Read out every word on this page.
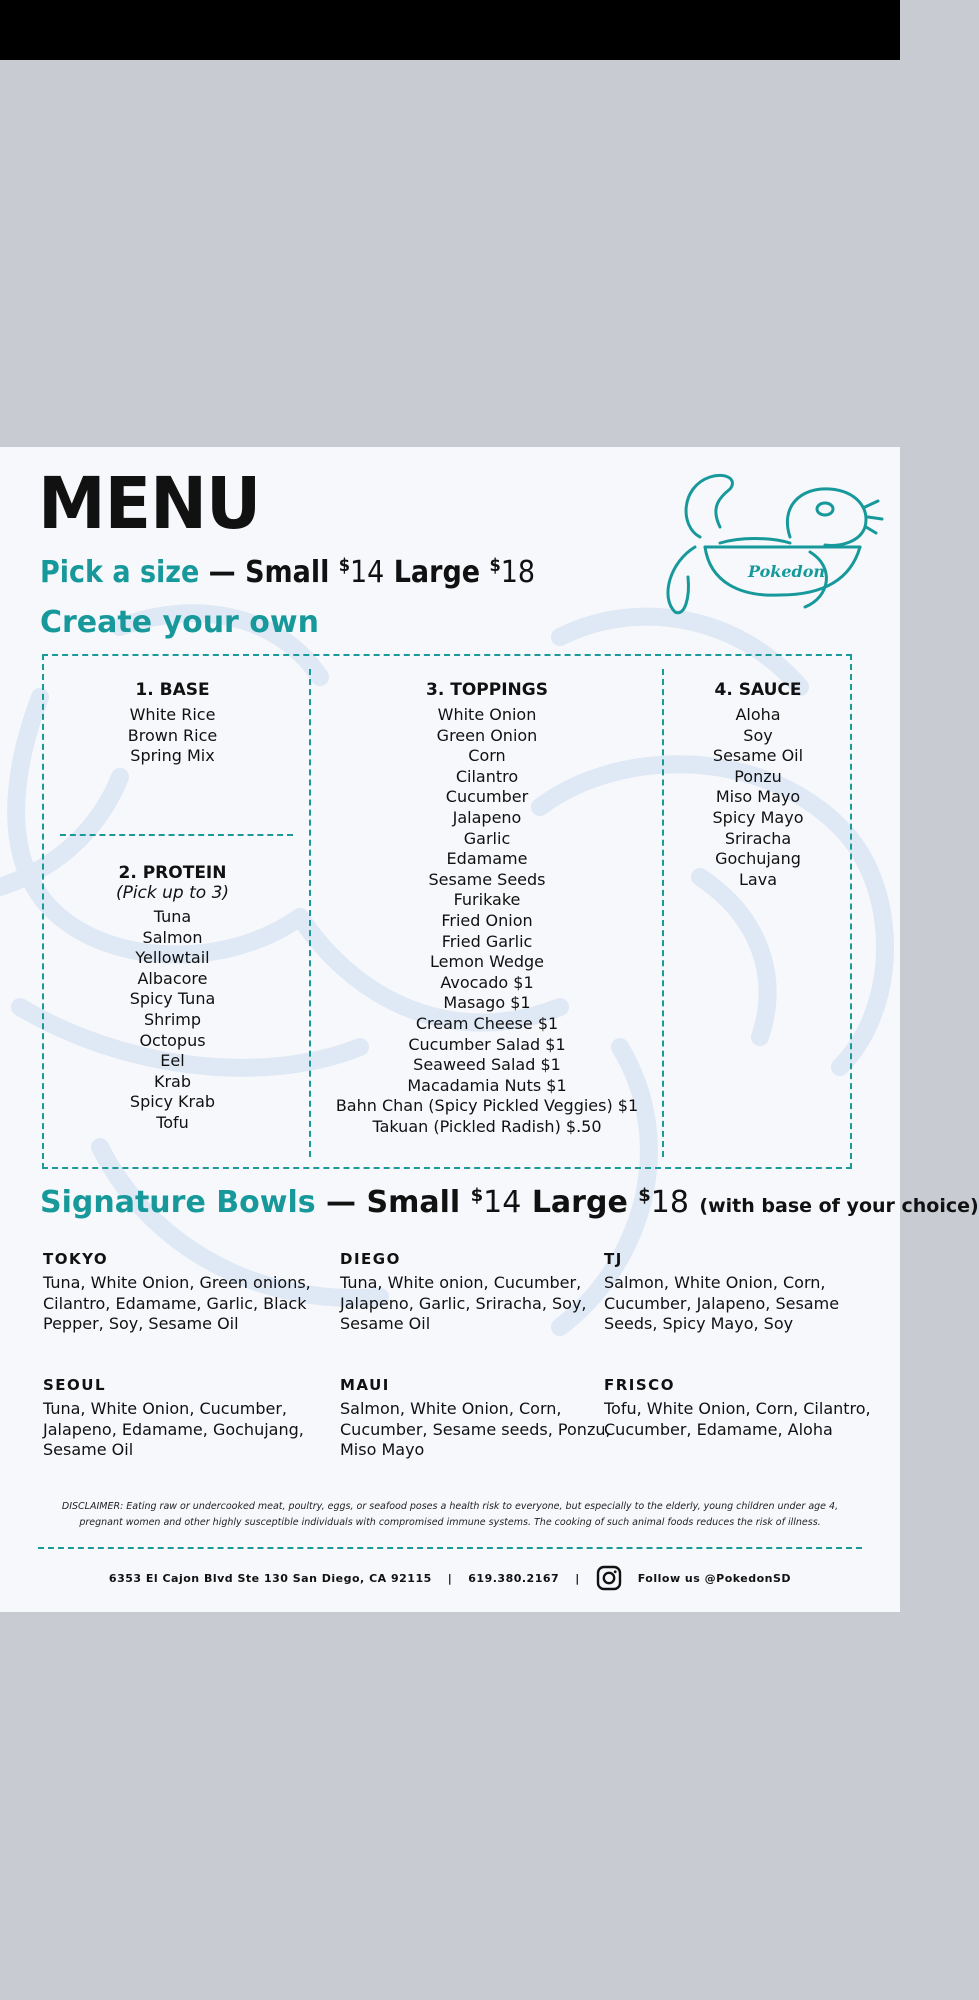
MENU
Pick a size — Small $14 Large $18
Create your own
Pokedon
1. BASE
White Rice
Brown Rice
Spring Mix
2. PROTEIN
(Pick up to 3)
Tuna
Salmon
Yellowtail
Albacore
Spicy Tuna
Shrimp
Octopus
Eel
Krab
Spicy Krab
Tofu
3. TOPPINGS
White Onion
Green Onion
Corn
Cilantro
Cucumber
Jalapeno
Garlic
Edamame
Sesame Seeds
Furikake
Fried Onion
Fried Garlic
Lemon Wedge
Avocado $1
Masago $1
Cream Cheese $1
Cucumber Salad $1
Seaweed Salad $1
Macadamia Nuts $1
Bahn Chan (Spicy Pickled Veggies) $1
Takuan (Pickled Radish) $.50
4. SAUCE
Aloha
Soy
Sesame Oil
Ponzu
Miso Mayo
Spicy Mayo
Sriracha
Gochujang
Lava
Signature Bowls — Small $14 Large $18 (with base of your choice)
TOKYO

Tuna, White Onion, Green onions, Cilantro, Edamame, Garlic, Black Pepper, Soy, Sesame Oil

DIEGO

Tuna, White onion, Cucumber, Jalapeno, Garlic, Sriracha, Soy, Sesame Oil

TJ

Salmon, White Onion, Corn, Cucumber, Jalapeno, Sesame Seeds, Spicy Mayo, Soy

SEOUL

Tuna, White Onion, Cucumber, Jalapeno, Edamame, Gochujang, Sesame Oil

MAUI

Salmon, White Onion, Corn, Cucumber, Sesame seeds, Ponzu, Miso Mayo

FRISCO

Tofu, White Onion, Corn, Cilantro, Cucumber, Edamame, Aloha

DISCLAIMER: Eating raw or undercooked meat, poultry, eggs, or seafood poses a health risk to everyone, but especially to the elderly, young children under age 4,
pregnant women and other highly susceptible individuals with compromised immune systems. The cooking of such animal foods reduces the risk of illness.
6353 El Cajon Blvd Ste 130 San Diego, CA 92115 | 619.380.2167 |	Follow us @PokedonSD
